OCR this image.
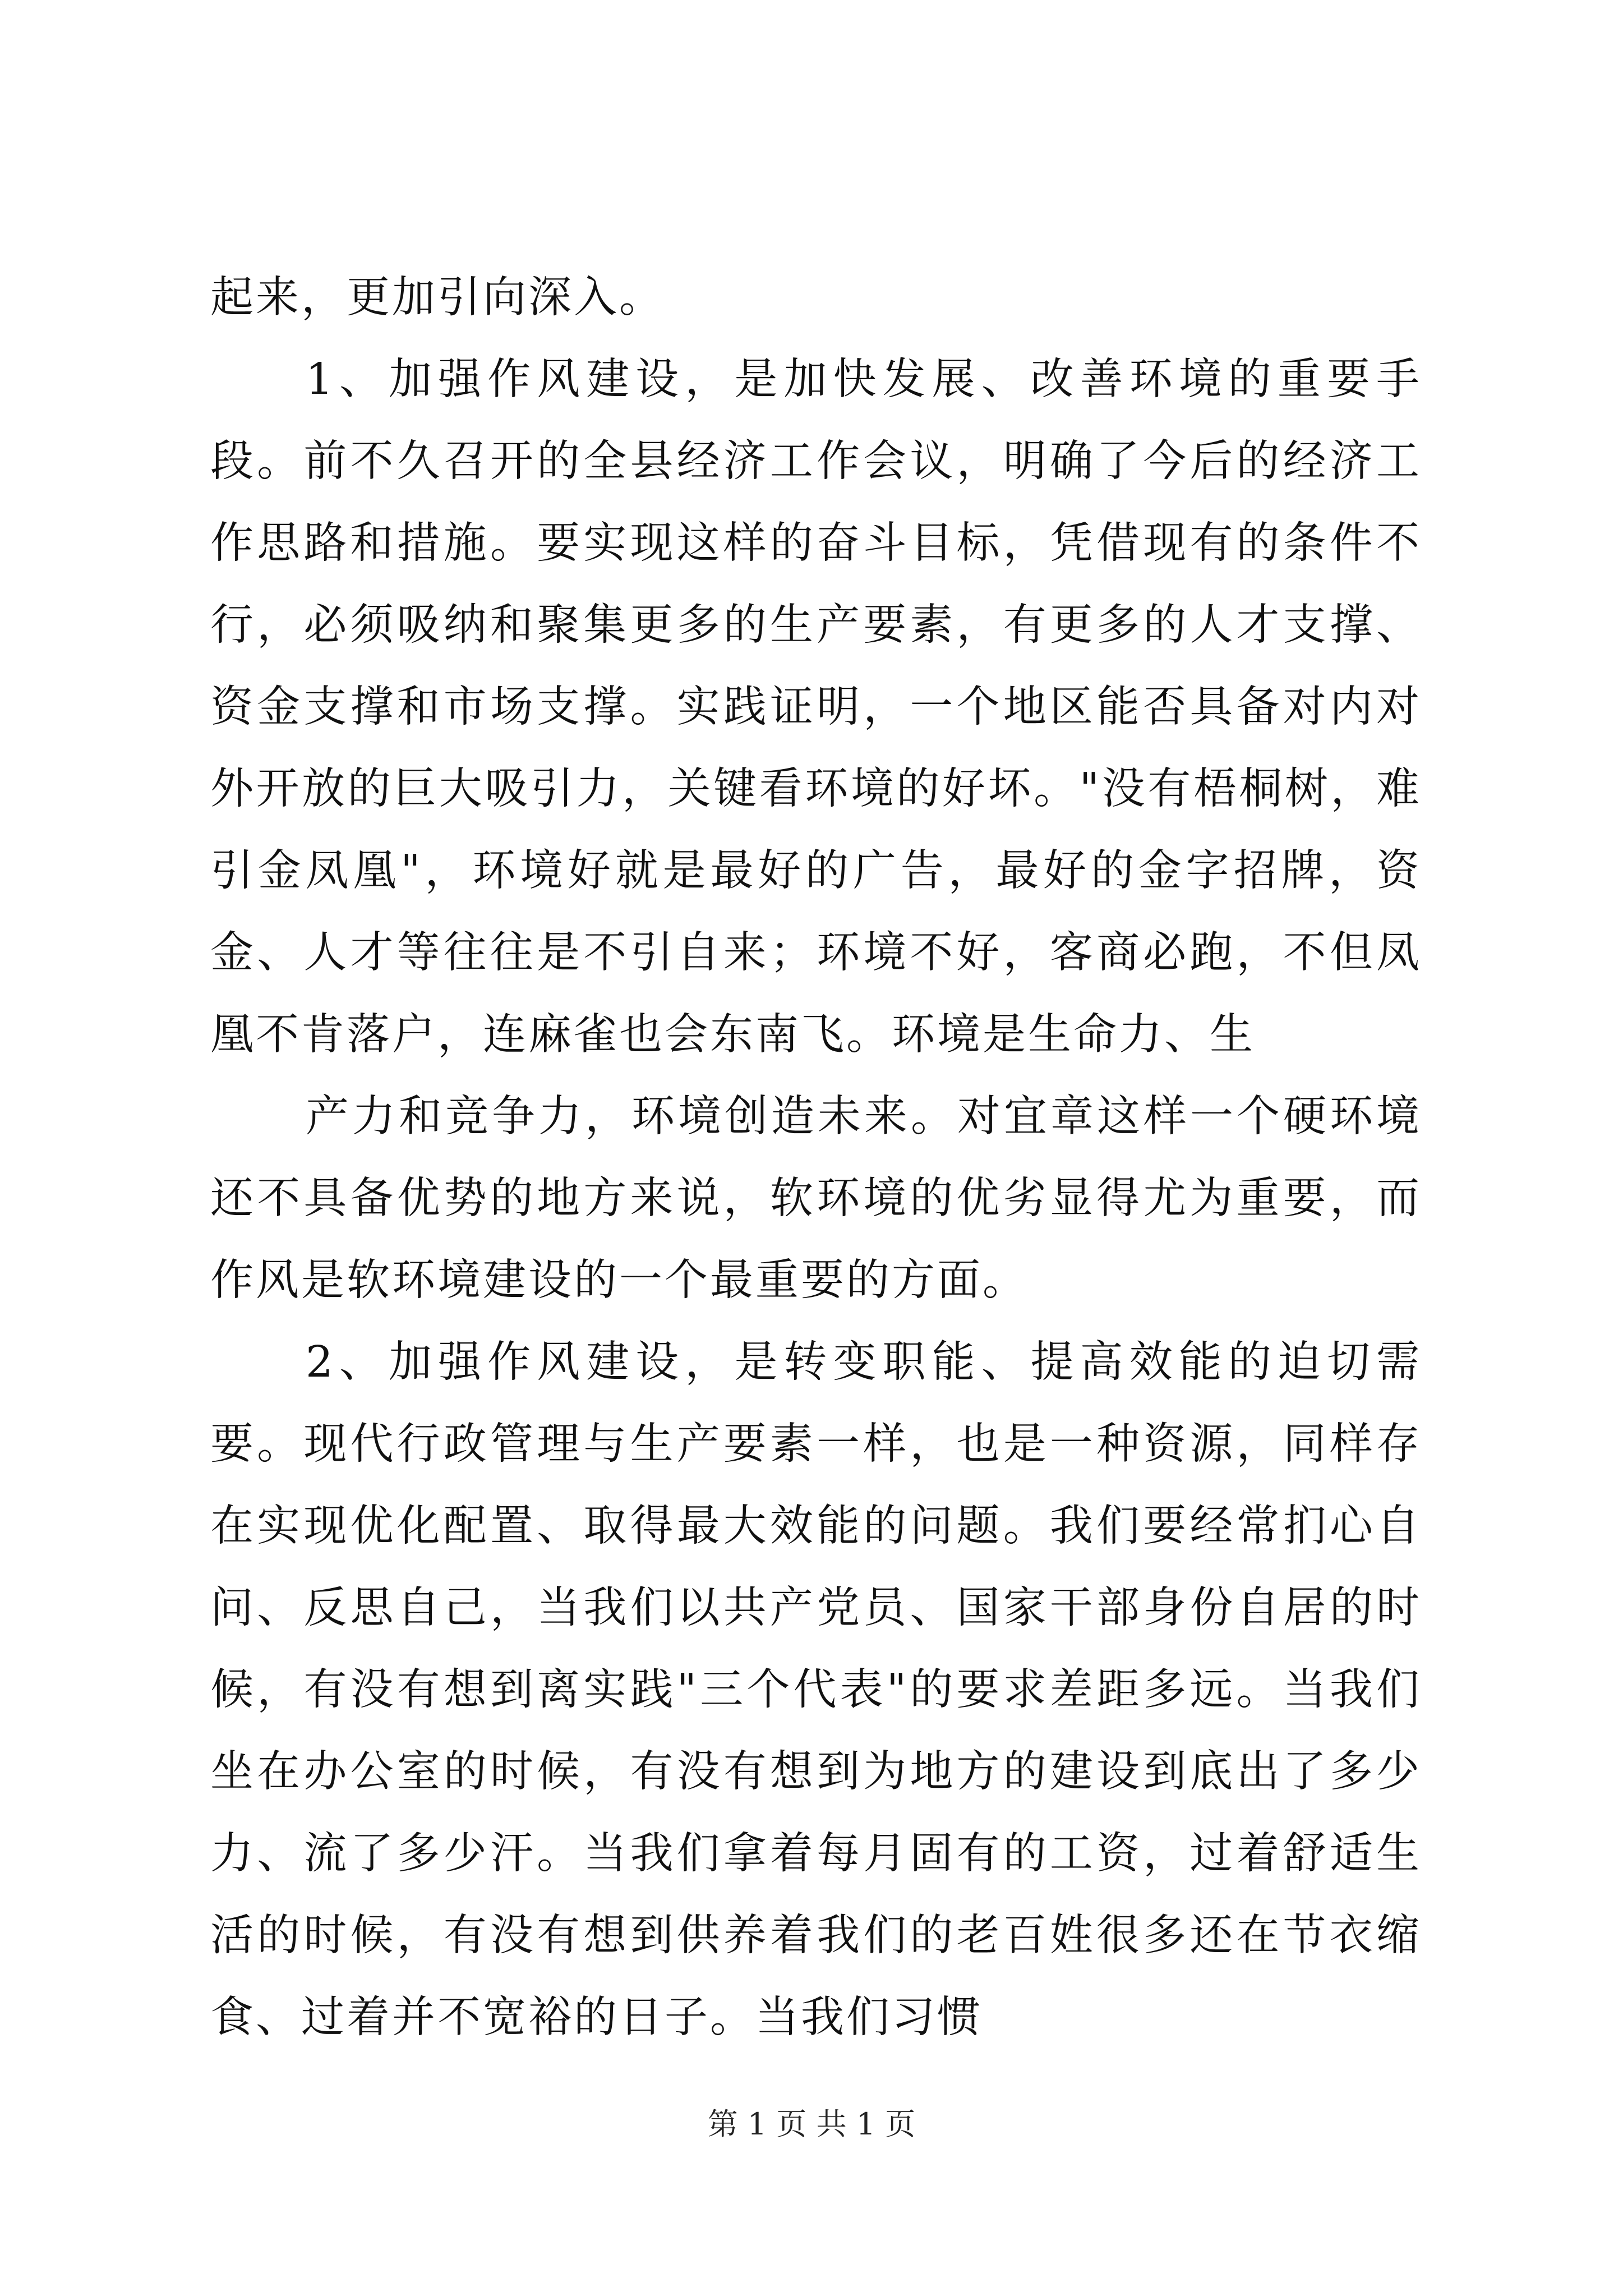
起来，更加引向深入。

1、加强作风建设，是加快发展、改善环境的重要手段。前不久召开的全县经济工作会议，明确了今后的经济工作思路和措施。要实现这样的奋斗目标，凭借现有的条件不行，必须吸纳和聚集更多的生产要素，有更多的人才支撑、资金支撑和市场支撑。实践证明，一个地区能否具备对内对外开放的巨大吸引力，关键看环境的好坏。"没有梧桐树，难引金凤凰"，环境好就是最好的广告，最好的金字招牌，资金、人才等往往是不引自来；环境不好，客商必跑，不但凤凰不肯落户，连麻雀也会东南飞。环境是生命力、生

产力和竞争力，环境创造未来。对宜章这样一个硬环境还不具备优势的地方来说，软环境的优劣显得尤为重要，而作风是软环境建设的一个最重要的方面。

2、加强作风建设，是转变职能、提高效能的迫切需要。现代行政管理与生产要素一样，也是一种资源，同样存在实现优化配置、取得最大效能的问题。我们要经常扪心自问、反思自己，当我们以共产党员、国家干部身份自居的时候，有没有想到离实践"三个代表"的要求差距多远。当我们坐在办公室的时候，有没有想到为地方的建设到底出了多少力、流了多少汗。当我们拿着每月固有的工资，过着舒适生活的时候，有没有想到供养着我们的老百姓很多还在节衣缩食、过着并不宽裕的日子。当我们习惯

第 1 页 共 1 页
